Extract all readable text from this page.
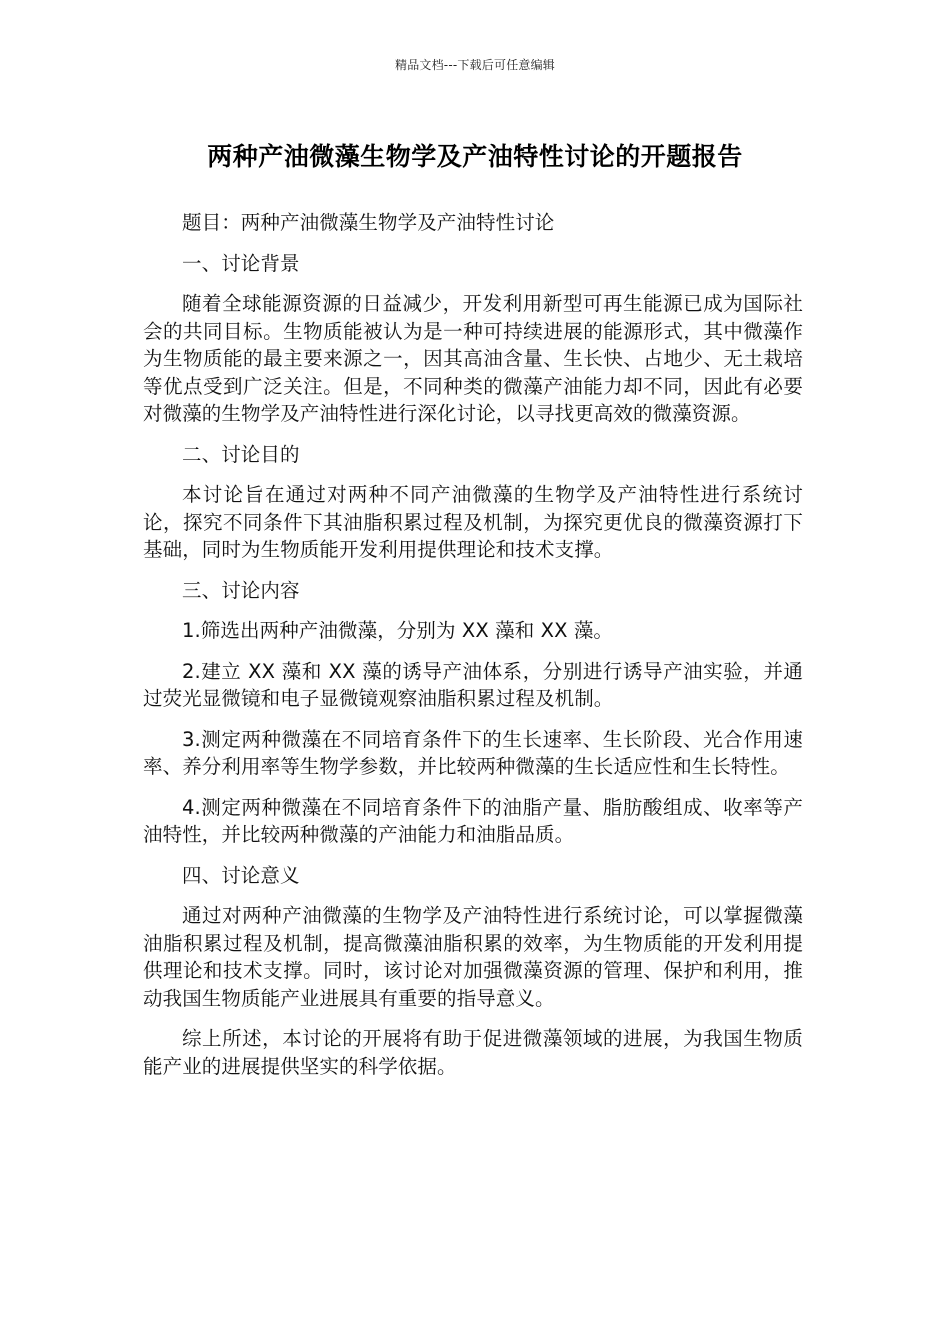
精品文档---下载后可任意编辑
两种产油微藻生物学及产油特性讨论的开题报告

题目：两种产油微藻生物学及产油特性讨论

一、讨论背景

随着全球能源资源的日益减少，开发利用新型可再生能源已成为国际社会的共同目标。生物质能被认为是一种可持续进展的能源形式，其中微藻作为生物质能的最主要来源之一，因其高油含量、生长快、占地少、无土栽培等优点受到广泛关注。但是，不同种类的微藻产油能力却不同，因此有必要对微藻的生物学及产油特性进行深化讨论，以寻找更高效的微藻资源。

二、讨论目的

本讨论旨在通过对两种不同产油微藻的生物学及产油特性进行系统讨论，探究不同条件下其油脂积累过程及机制，为探究更优良的微藻资源打下基础，同时为生物质能开发利用提供理论和技术支撑。

三、讨论内容

1.筛选出两种产油微藻，分别为 XX 藻和 XX 藻。

2.建立 XX 藻和 XX 藻的诱导产油体系，分别进行诱导产油实验，并通过荧光显微镜和电子显微镜观察油脂积累过程及机制。

3.测定两种微藻在不同培育条件下的生长速率、生长阶段、光合作用速率、养分利用率等生物学参数，并比较两种微藻的生长适应性和生长特性。

4.测定两种微藻在不同培育条件下的油脂产量、脂肪酸组成、收率等产油特性，并比较两种微藻的产油能力和油脂品质。

四、讨论意义

通过对两种产油微藻的生物学及产油特性进行系统讨论，可以掌握微藻油脂积累过程及机制，提高微藻油脂积累的效率，为生物质能的开发利用提供理论和技术支撑。同时，该讨论对加强微藻资源的管理、保护和利用，推动我国生物质能产业进展具有重要的指导意义。

综上所述，本讨论的开展将有助于促进微藻领域的进展，为我国生物质能产业的进展提供坚实的科学依据。
